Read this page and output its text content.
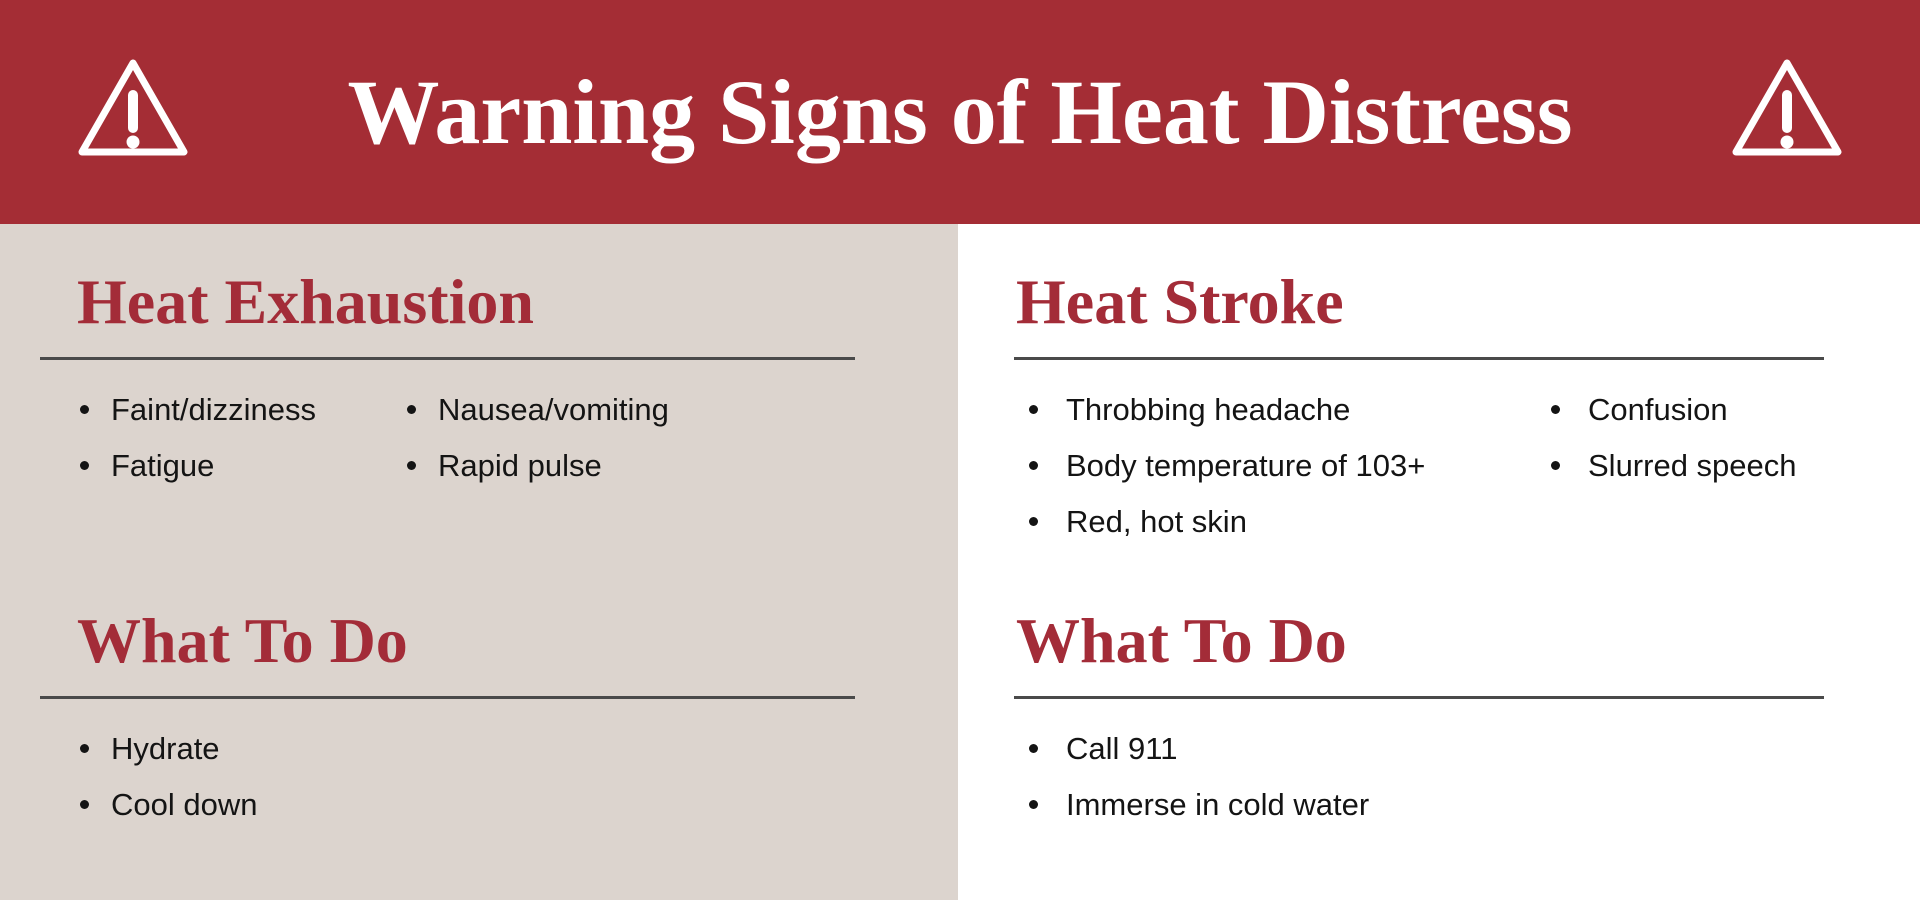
Warning Signs of Heat Distress
Heat Exhaustion
Faint/dizziness
Fatigue
Nausea/vomiting
Rapid pulse
What To Do
Hydrate
Cool down
Heat Stroke
Throbbing headache
Body temperature of 103+
Red, hot skin
Confusion
Slurred speech
What To Do
Call 911
Immerse in cold water
